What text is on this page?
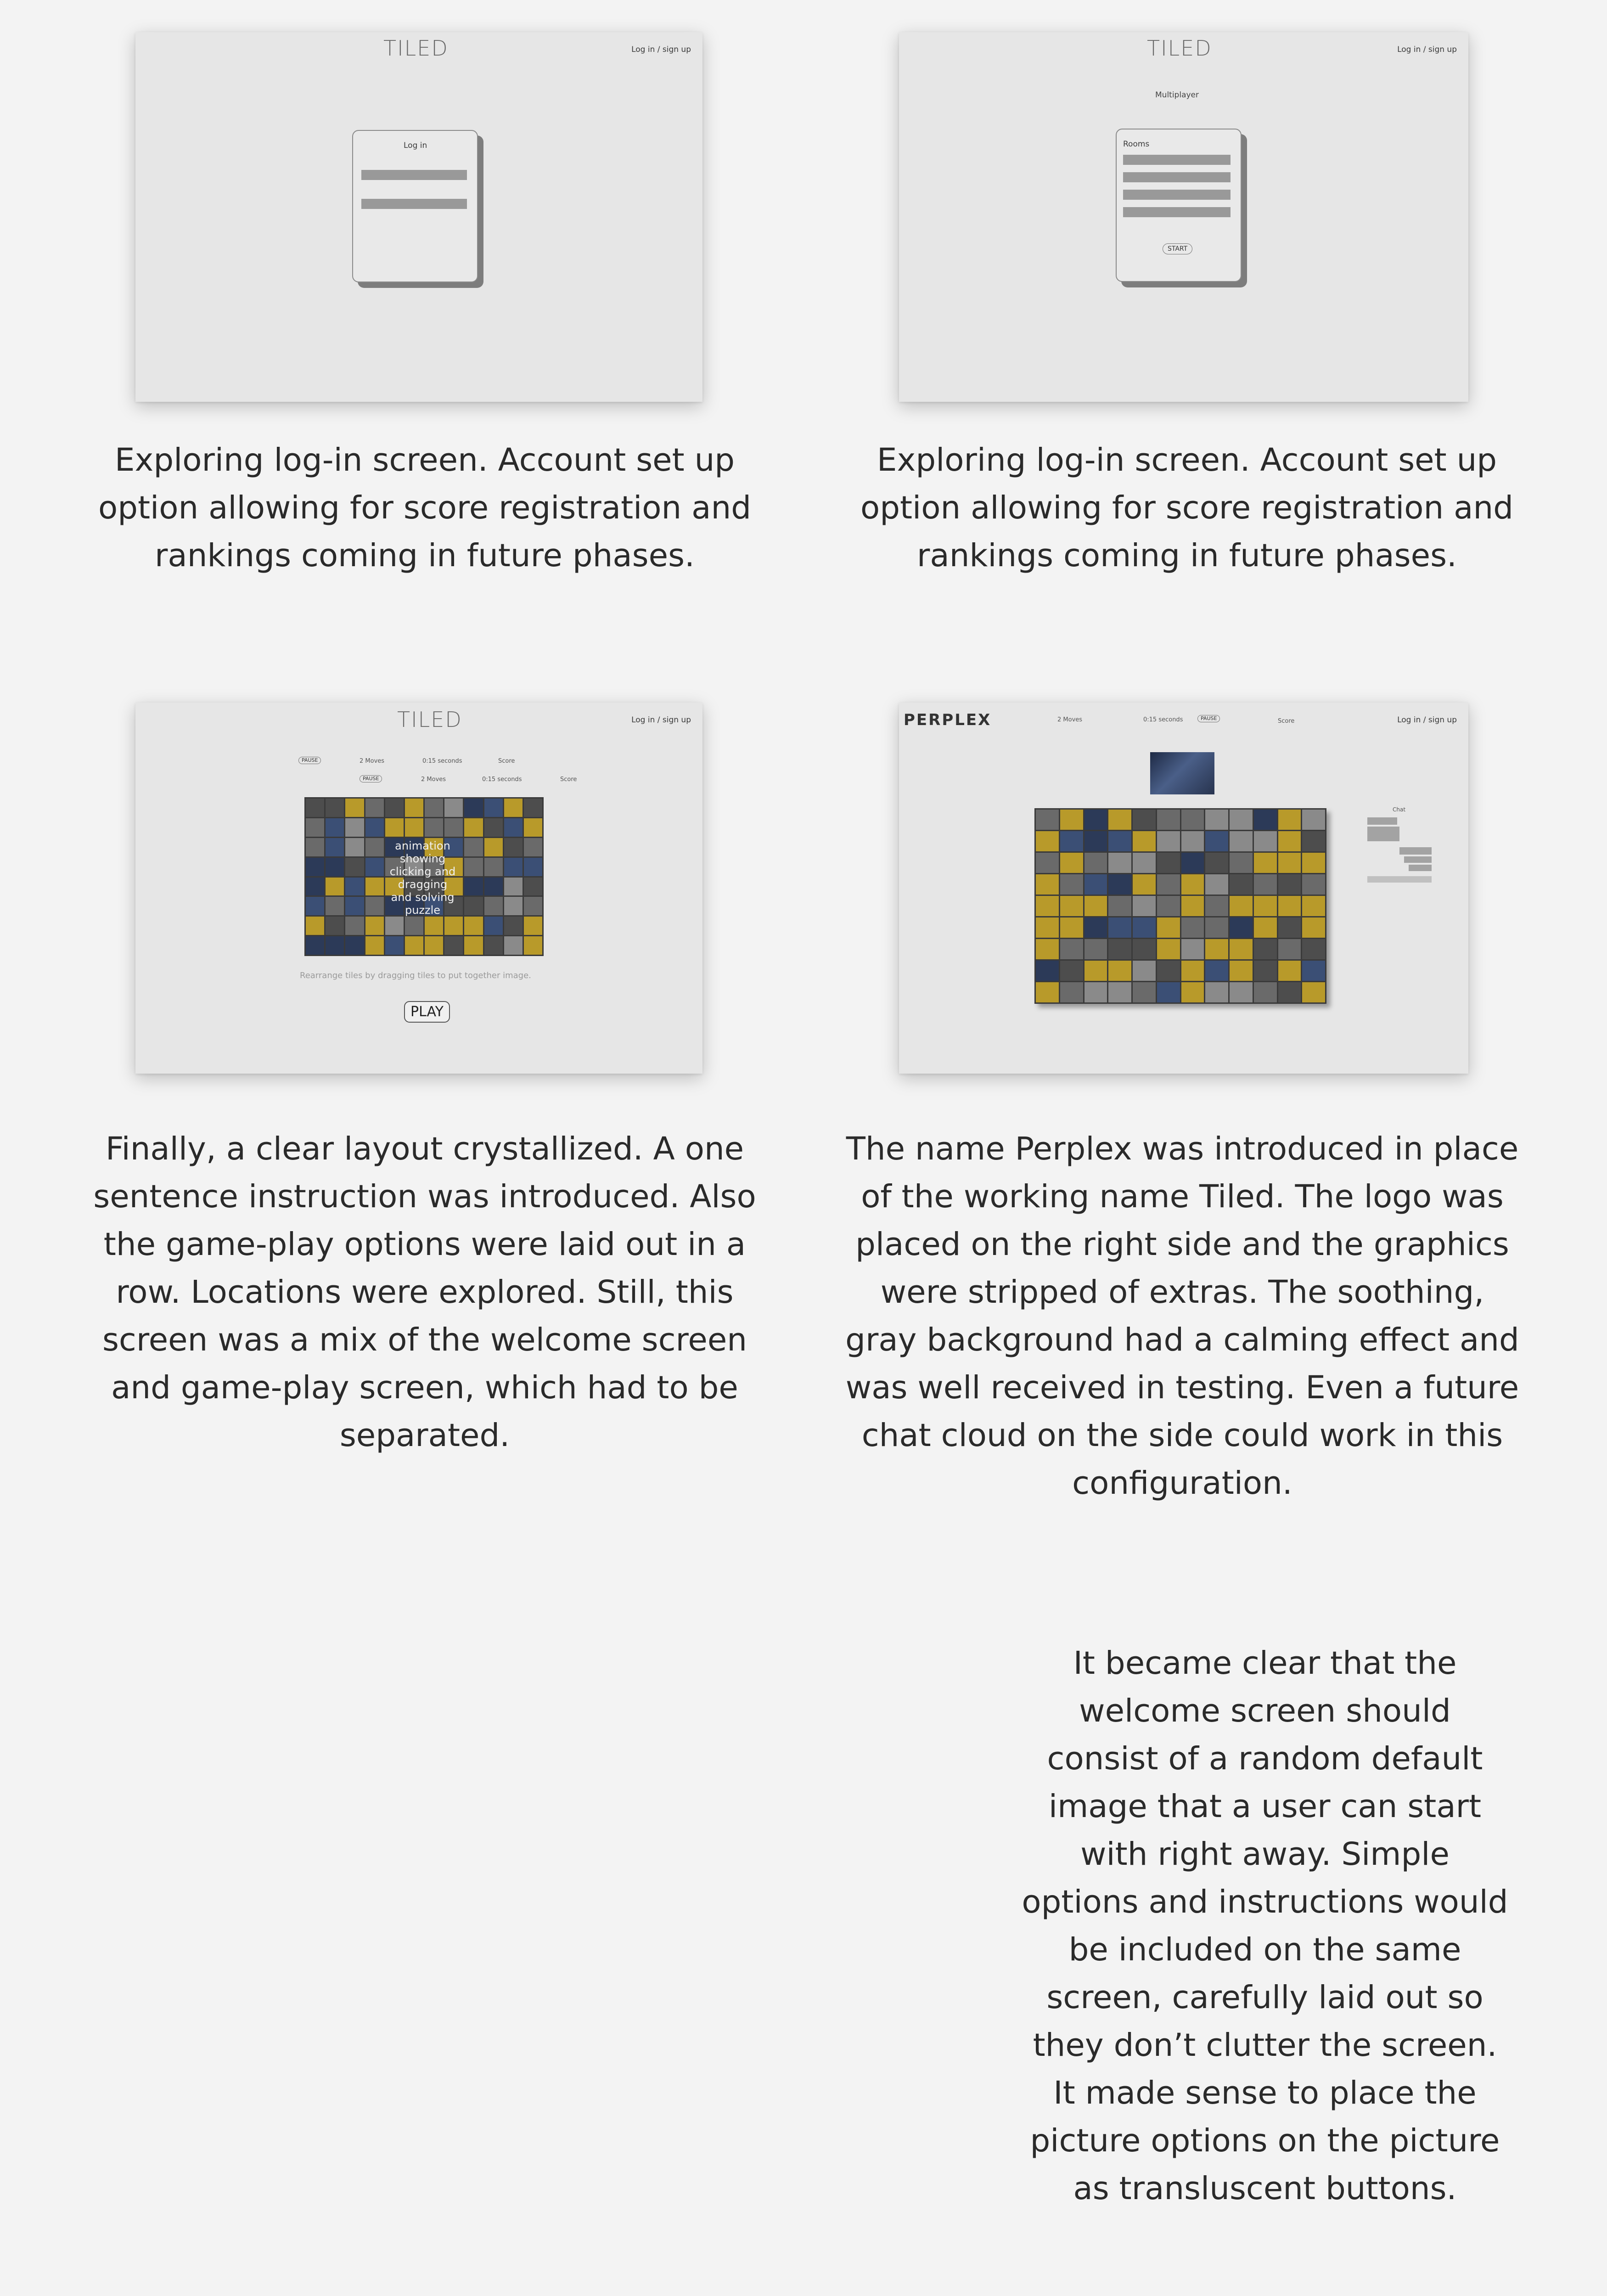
TILED	Log in / sign up
Log in
TILED	Log in / sign up
Multiplayer
Rooms
START
TILED	Log in / sign up
PAUSE	2 Moves	0:15 seconds	Score
PAUSE	2 Moves	0:15 seconds	Score
animation showing clicking and dragging and solving puzzle
Rearrange tiles by dragging tiles to put together image.
PLAY
PERPLEX	2 Moves	0:15 seconds	PAUSE	Score	Log in / sign up
Chat

Exploring log-in screen. Account set up option allowing for score registration and rankings coming in future phases.

Exploring log-in screen. Account set up option allowing for score registration and rankings coming in future phases.

Finally, a clear layout crystallized. A one sentence instruction was introduced. Also the game-play options were laid out in a row. Locations were explored. Still, this screen was a mix of the welcome screen and game-play screen, which had to be separated.

The name Perplex was introduced in place of the working name Tiled. The logo was placed on the right side and the graphics were stripped of extras. The soothing, gray background had a calming effect and was well received in testing. Even a future chat cloud on the side could work in this configuration.

It became clear that the welcome screen should consist of a random default image that a user can start with right away. Simple options and instructions would be included on the same screen, carefully laid out so they don’t clutter the screen. It made sense to place the picture options on the picture as transluscent buttons.
